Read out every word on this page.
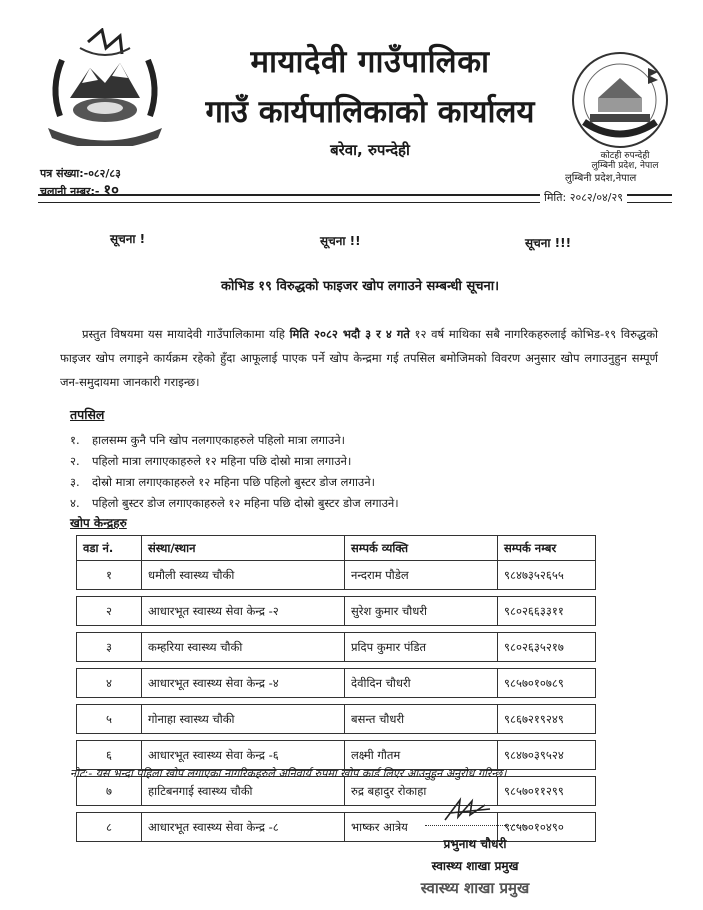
कोटही रुपन्देही
लुम्बिनी प्रदेश, नेपाल
मायादेवी गाउँपालिका
गाउँ कार्यपालिकाको कार्यालय
बरेवा, रुपन्देही
पत्र संख्या:-०८२/८३
चलानी नम्बर:- १०
लुम्बिनी प्रदेश,नेपाल
मिति: २०८२/०४/२९
सूचना !	सूचना !!	सूचना !!!
कोभिड १९ विरुद्धको फाइजर खोप लगाउने सम्बन्धी सूचना।
प्रस्तुत विषयमा यस मायादेवी गाउँपालिकामा यहि मिति २०८२ भदौ ३ र ४ गते १२ वर्ष माथिका सबै नागरिकहरुलाई कोभिड-१९ विरुद्धको फाइजर खोप लगाइने कार्यक्रम रहेको हुँदा आफूलाई पाएक पर्ने खोप केन्द्रमा गई तपसिल बमोजिमको विवरण अनुसार खोप लगाउनुहुन सम्पूर्ण जन-समुदायमा जानकारी गराइन्छ।
तपसिल
१.	हालसम्म कुनै पनि खोप नलगाएकाहरुले पहिलो मात्रा लगाउने।
२.	पहिलो मात्रा लगाएकाहरुले १२ महिना पछि दोस्रो मात्रा लगाउने।
३.	दोस्रो मात्रा लगाएकाहरुले १२ महिना पछि पहिलो बुस्टर डोज लगाउने।
४.	पहिलो बुस्टर डोज लगाएकाहरुले १२ महिना पछि दोस्रो बुस्टर डोज लगाउने।
खोप केन्द्रहरु
वडा नं.	संस्था/स्थान	सम्पर्क व्यक्ति	सम्पर्क नम्बर
१	धमौली स्वास्थ्य चौकी	नन्दराम पौडेल	९८४७३५२६५५

२	आधारभूत स्वास्थ्य सेवा केन्द्र -२	सुरेश कुमार चौधरी	९८०२६६३३११

३	कम्हरिया स्वास्थ्य चौकी	प्रदिप कुमार पंडित	९८०२६३५२१७

४	आधारभूत स्वास्थ्य सेवा केन्द्र -४	देवीदिन चौधरी	९८५७०१०७८९

५	गोनाहा स्वास्थ्य चौकी	बसन्त चौधरी	९८६७२१९२४९

६	आधारभूत स्वास्थ्य सेवा केन्द्र -६	लक्ष्मी गौतम	९८४७०३९५२४

७	हाटिबनगाई स्वास्थ्य चौकी	रुद्र बहादुर रोकाहा	९८५७०११२९९

८	आधारभूत स्वास्थ्य सेवा केन्द्र -८	भाष्कर आत्रेय	९८५७०१०४९०
नोट:- यस भन्दा पहिला खोप लगाएका नागरिकहरुले अनिवार्य रुपमा खोप कार्ड लिएर आउनुहुन अनुरोध गरिन्छ।
प्रभुनाथ चौधरी
स्वास्थ्य शाखा प्रमुख
स्वास्थ्य शाखा प्रमुख
